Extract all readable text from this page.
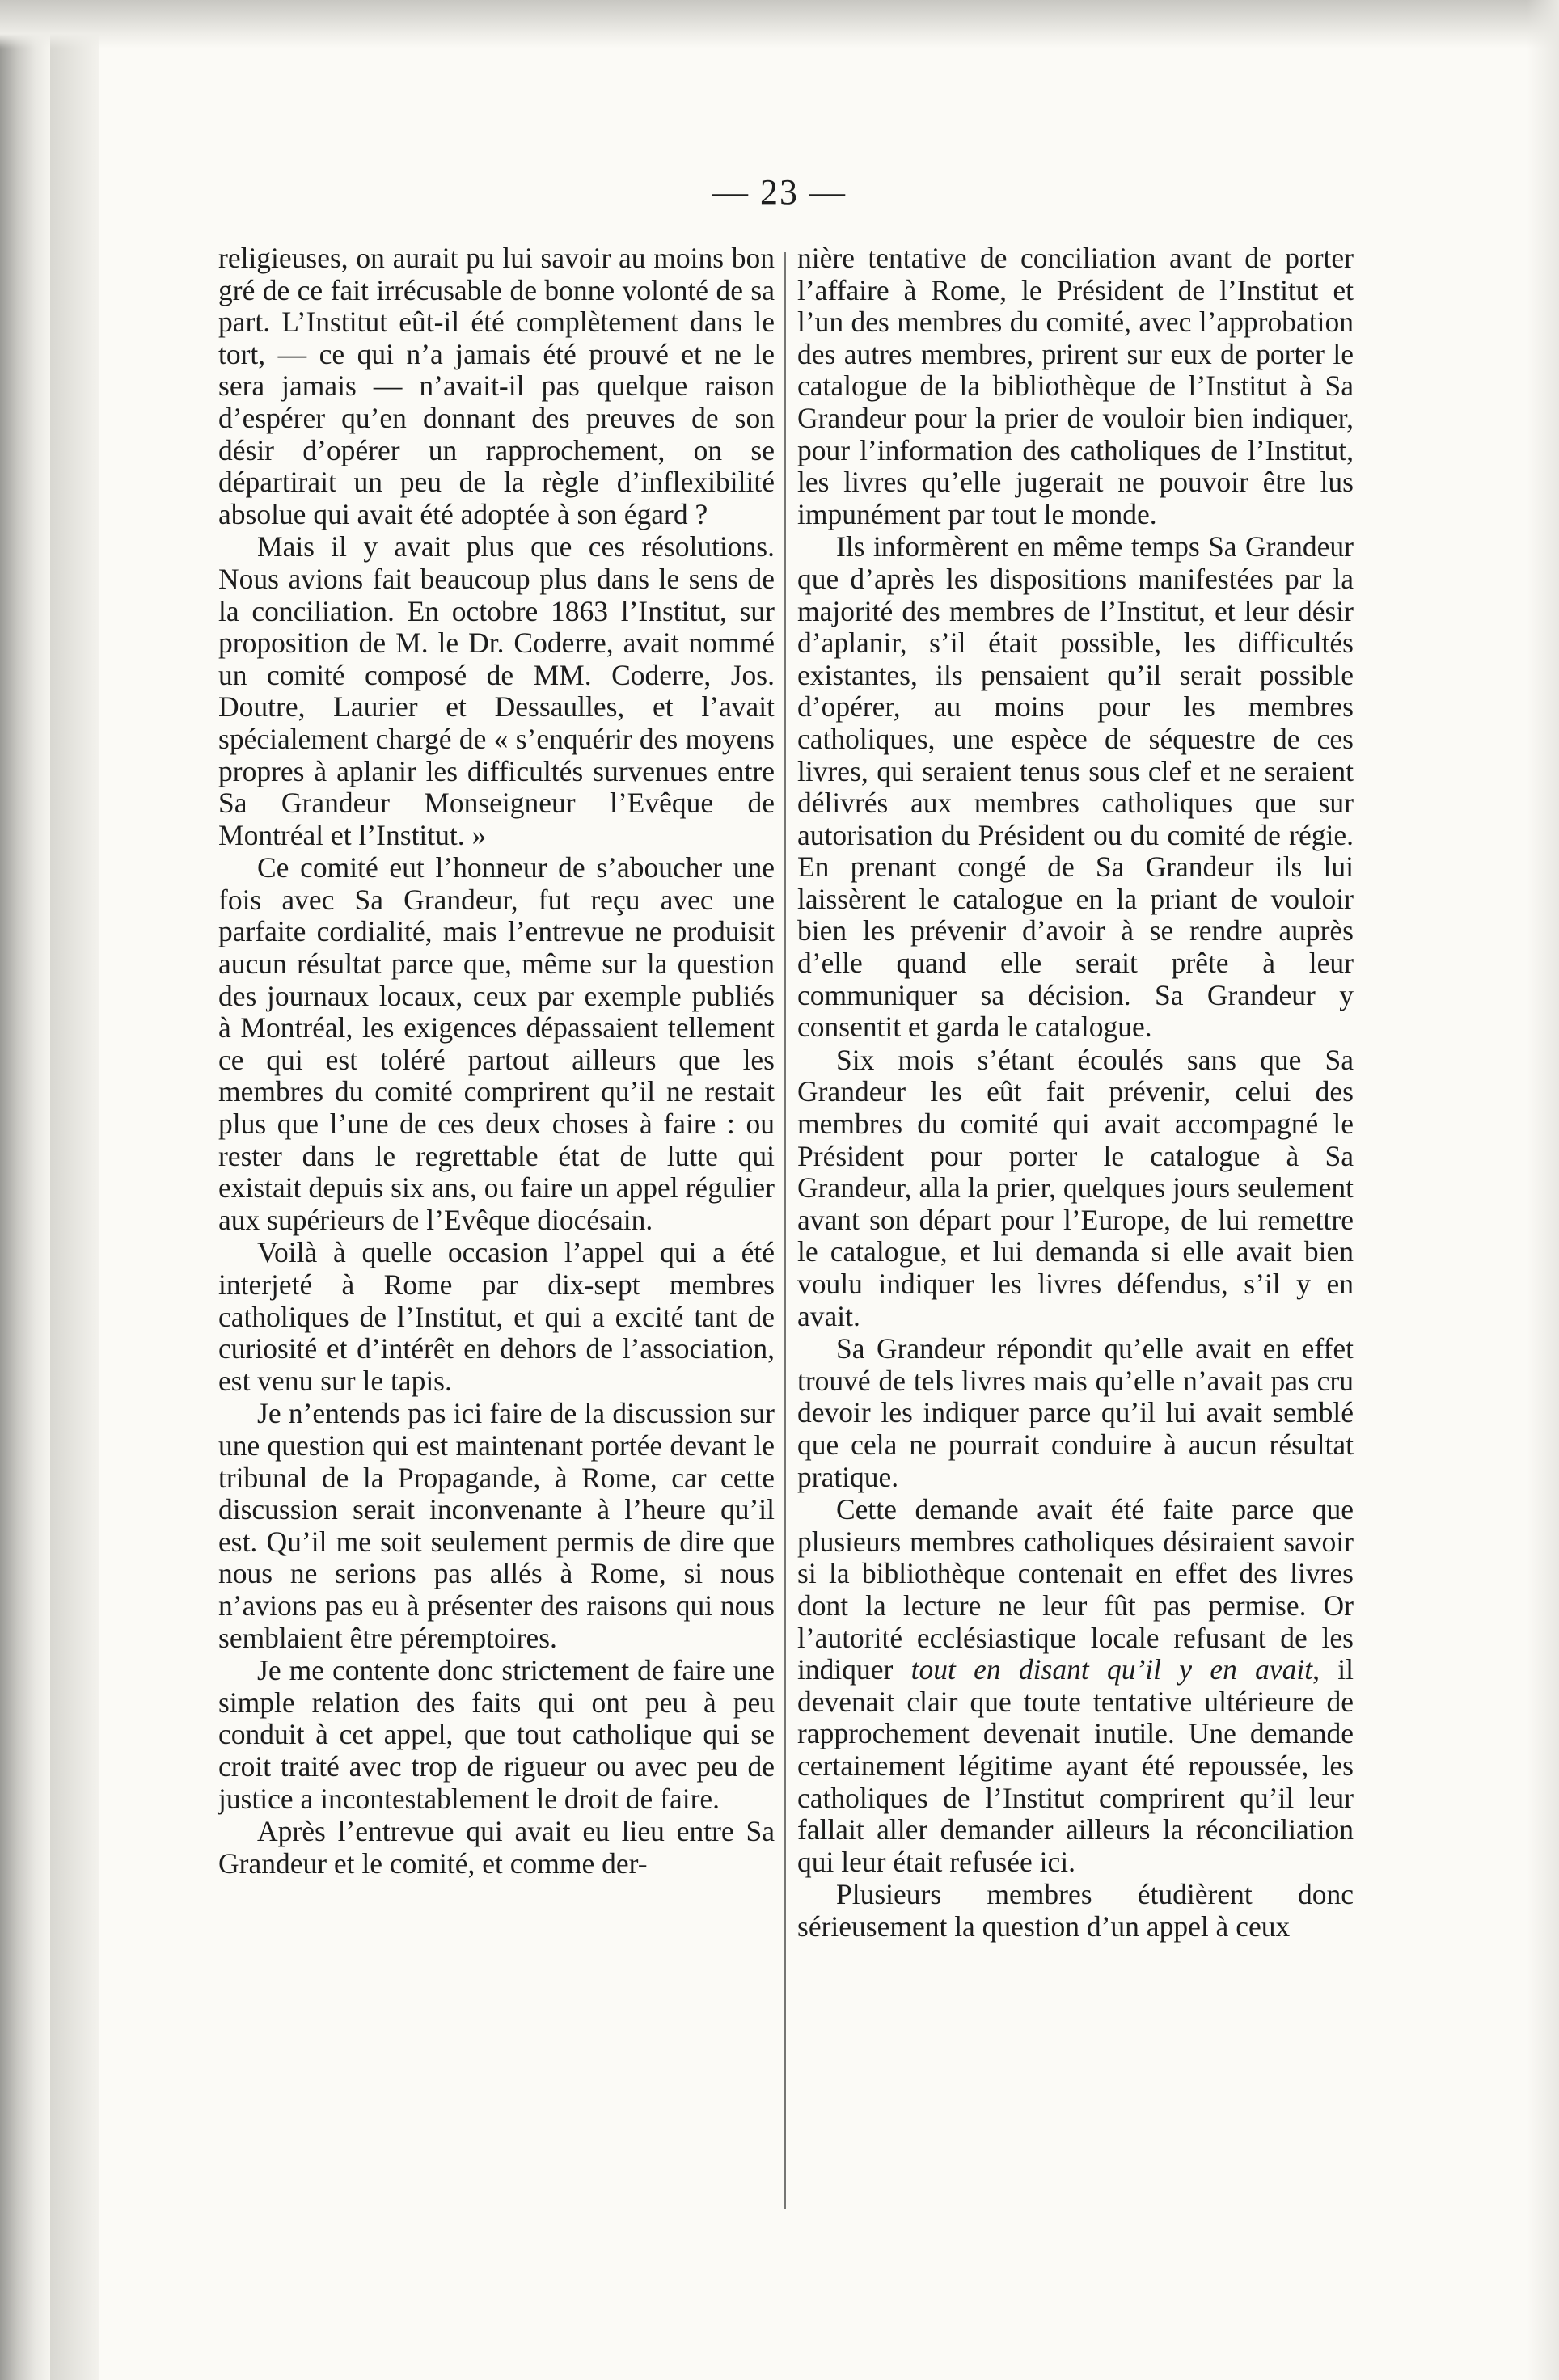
— 23 —

religieuses, on aurait pu lui savoir au moins bon gré de ce fait irrécusable de bonne volonté de sa part. L’Institut eût-il été complètement dans le tort, — ce qui n’a jamais été prouvé et ne le sera jamais — n’avait-il pas quelque raison d’espérer qu’en donnant des preuves de son désir d’opérer un rapprochement, on se départirait un peu de la règle d’inflexibilité absolue qui avait été adoptée à son égard ?

Mais il y avait plus que ces résolutions. Nous avions fait beaucoup plus dans le sens de la conciliation. En octobre 1863 l’Institut, sur proposition de M. le Dr. Coderre, avait nommé un comité composé de MM. Coderre, Jos. Doutre, Laurier et Dessaulles, et l’avait spécialement chargé de « s’enquérir des moyens propres à aplanir les difficultés survenues entre Sa Grandeur Monseigneur l’Evêque de Montréal et l’Institut. »

Ce comité eut l’honneur de s’aboucher une fois avec Sa Grandeur, fut reçu avec une parfaite cordialité, mais l’entrevue ne produisit aucun résultat parce que, même sur la question des journaux locaux, ceux par exemple publiés à Montréal, les exigences dépassaient tellement ce qui est toléré partout ailleurs que les membres du comité comprirent qu’il ne restait plus que l’une de ces deux choses à faire : ou rester dans le regrettable état de lutte qui existait depuis six ans, ou faire un appel régulier aux supérieurs de l’Evêque diocésain.

Voilà à quelle occasion l’appel qui a été interjeté à Rome par dix-sept membres catholiques de l’Institut, et qui a excité tant de curiosité et d’intérêt en dehors de l’association, est venu sur le tapis.

Je n’entends pas ici faire de la discussion sur une question qui est maintenant portée devant le tribunal de la Propagande, à Rome, car cette discussion serait inconvenante à l’heure qu’il est. Qu’il me soit seulement permis de dire que nous ne serions pas allés à Rome, si nous n’avions pas eu à présenter des raisons qui nous semblaient être péremptoires.

Je me contente donc strictement de faire une simple relation des faits qui ont peu à peu conduit à cet appel, que tout catholique qui se croit traité avec trop de rigueur ou avec peu de justice a incontestablement le droit de faire.

Après l’entrevue qui avait eu lieu entre Sa Grandeur et le comité, et comme der-

nière tentative de conciliation avant de porter l’affaire à Rome, le Président de l’Institut et l’un des membres du comité, avec l’approbation des autres membres, prirent sur eux de porter le catalogue de la bibliothèque de l’Institut à Sa Grandeur pour la prier de vouloir bien indiquer, pour l’information des catholiques de l’Institut, les livres qu’elle jugerait ne pouvoir être lus impunément par tout le monde.

Ils informèrent en même temps Sa Grandeur que d’après les dispositions manifestées par la majorité des membres de l’Institut, et leur désir d’aplanir, s’il était possible, les difficultés existantes, ils pensaient qu’il serait possible d’opérer, au moins pour les membres catholiques, une espèce de séquestre de ces livres, qui seraient tenus sous clef et ne seraient délivrés aux membres catholiques que sur autorisation du Président ou du comité de régie. En prenant congé de Sa Grandeur ils lui laissèrent le catalogue en la priant de vouloir bien les prévenir d’avoir à se rendre auprès d’elle quand elle serait prête à leur communiquer sa décision. Sa Grandeur y consentit et garda le catalogue.

Six mois s’étant écoulés sans que Sa Grandeur les eût fait prévenir, celui des membres du comité qui avait accompagné le Président pour porter le catalogue à Sa Grandeur, alla la prier, quelques jours seulement avant son départ pour l’Europe, de lui remettre le catalogue, et lui demanda si elle avait bien voulu indiquer les livres défendus, s’il y en avait.

Sa Grandeur répondit qu’elle avait en effet trouvé de tels livres mais qu’elle n’avait pas cru devoir les indiquer parce qu’il lui avait semblé que cela ne pourrait conduire à aucun résultat pratique.

Cette demande avait été faite parce que plusieurs membres catholiques désiraient savoir si la bibliothèque contenait en effet des livres dont la lecture ne leur fût pas permise. Or l’autorité ecclésiastique locale refusant de les indiquer tout en disant qu’il y en avait, il devenait clair que toute tentative ultérieure de rapprochement devenait inutile. Une demande certainement légitime ayant été repoussée, les catholiques de l’Institut comprirent qu’il leur fallait aller demander ailleurs la réconciliation qui leur était refusée ici.

Plusieurs membres étudièrent donc sérieusement la question d’un appel à ceux
